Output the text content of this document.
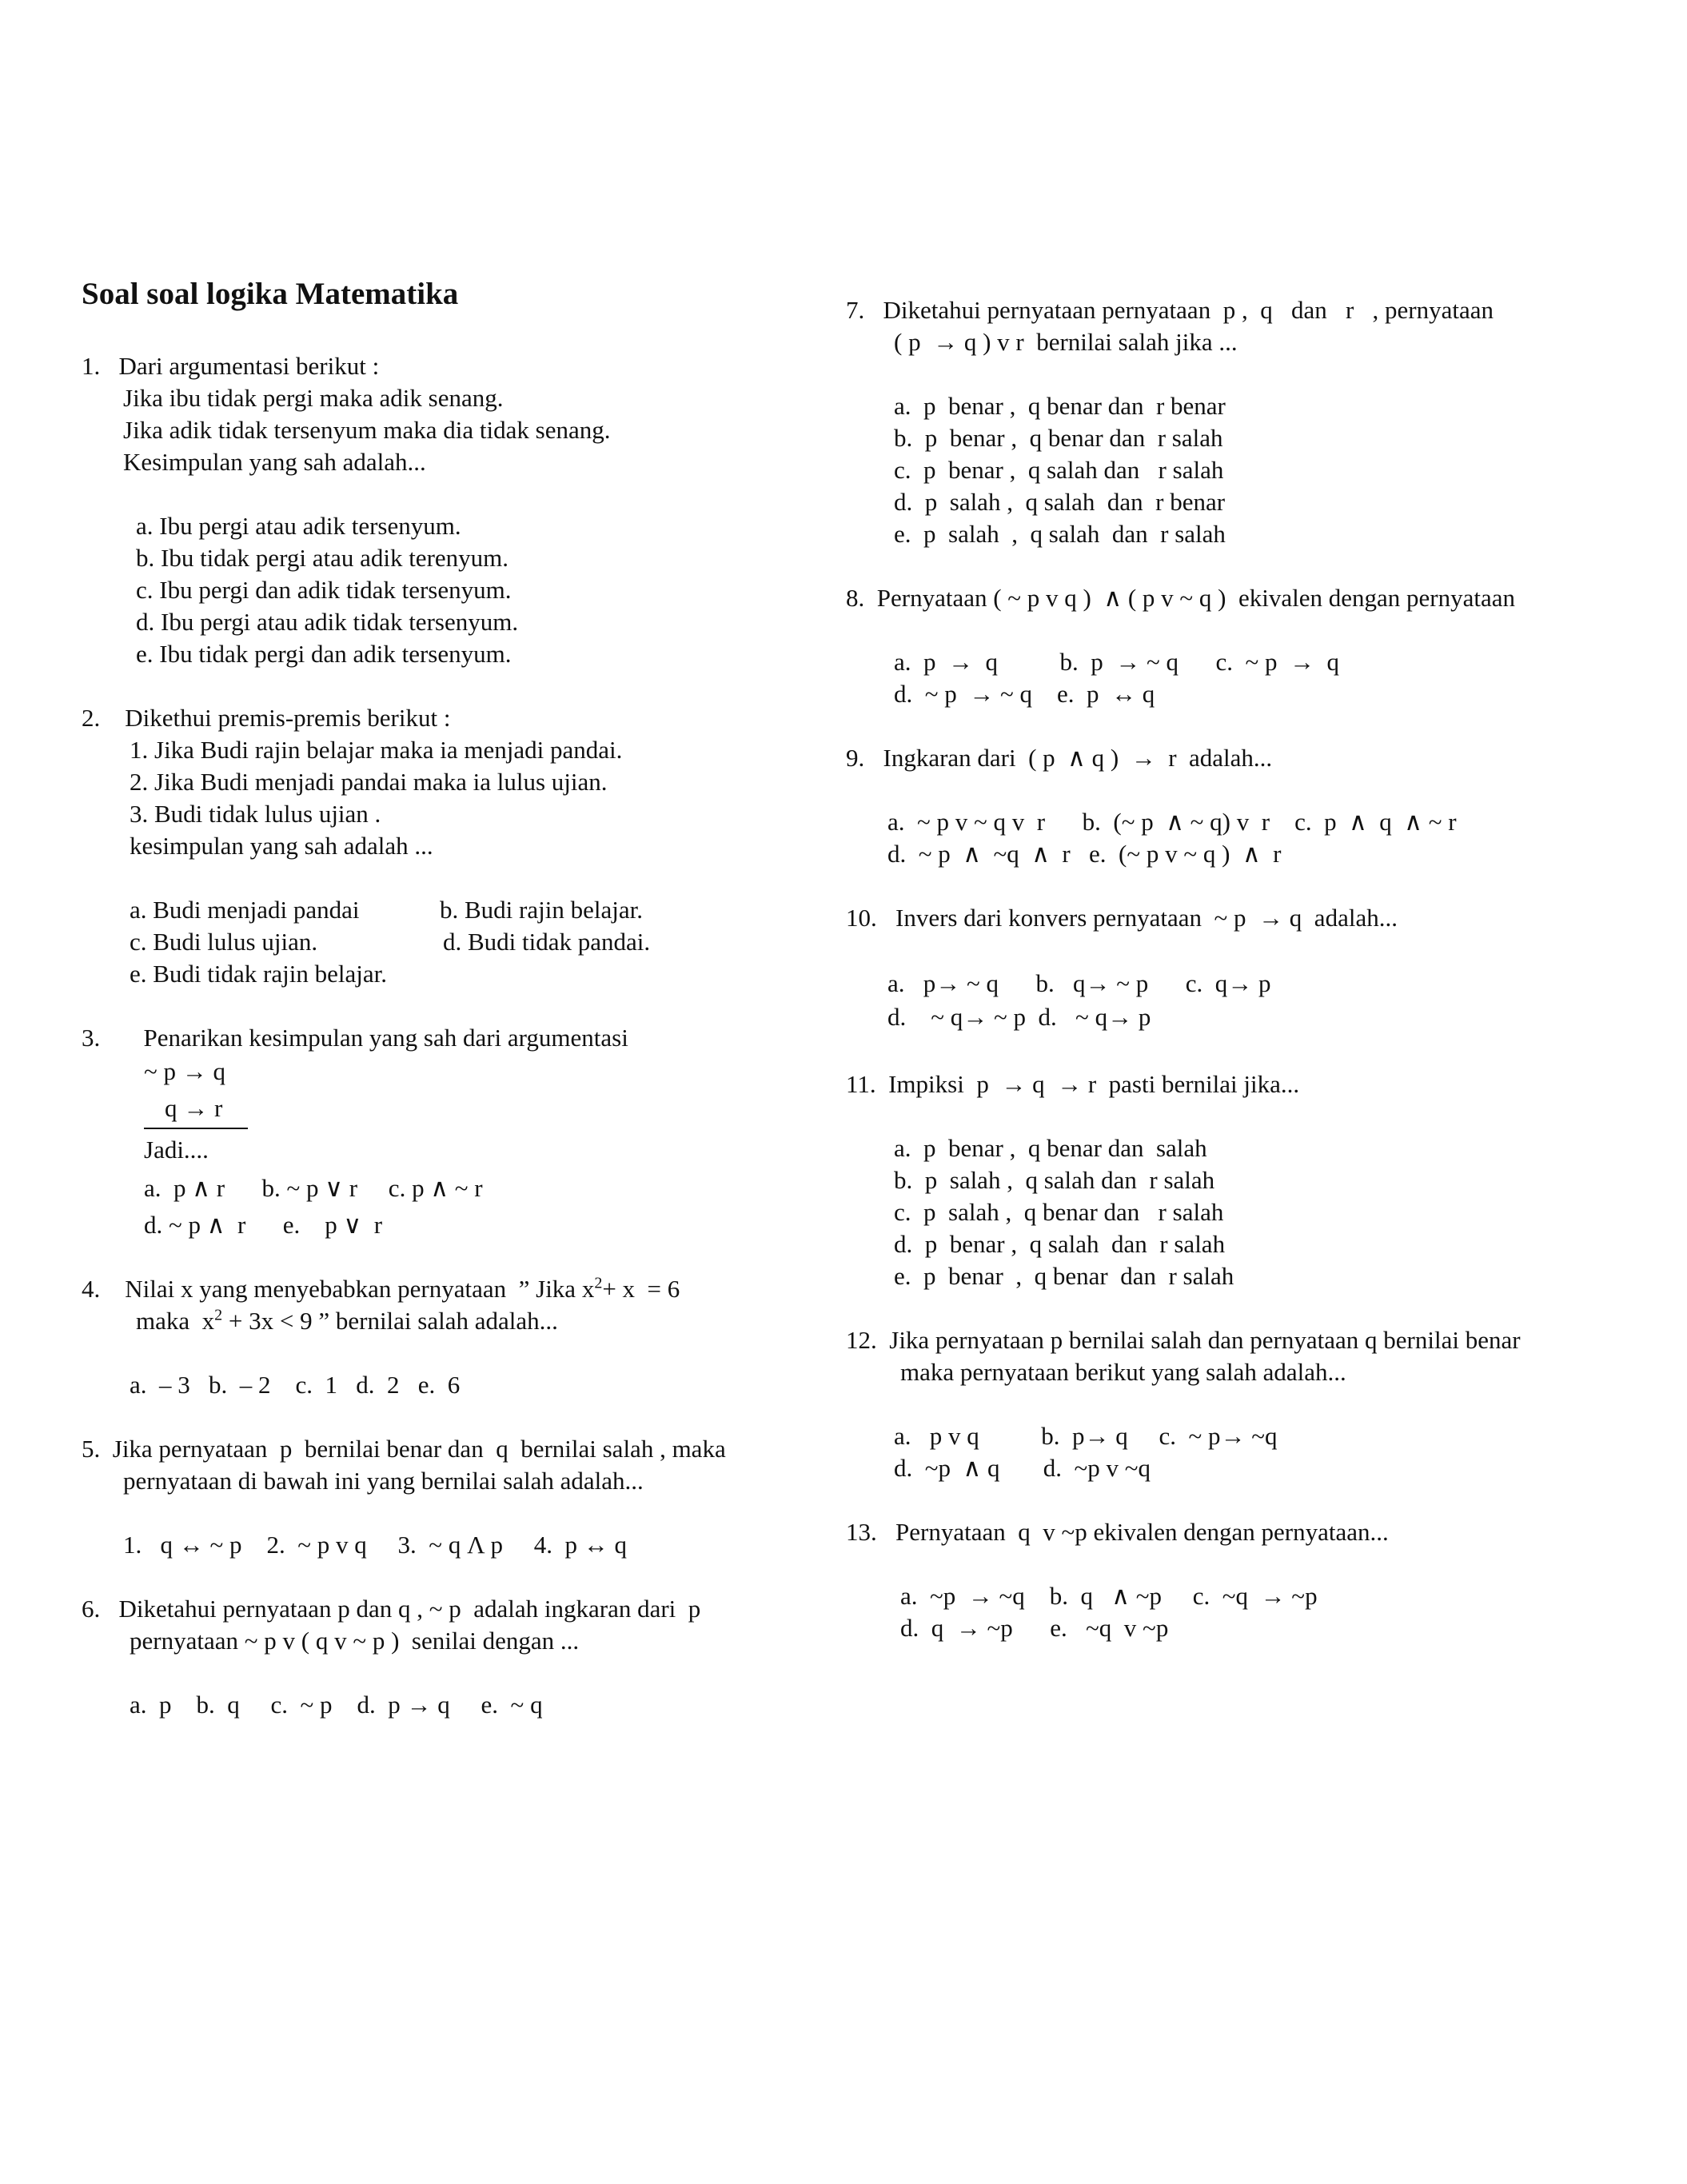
Soal soal logika Matematika
1.   Dari argumentasi berikut :
Jika ibu tidak pergi maka adik senang.
Jika adik tidak tersenyum maka dia tidak senang.
Kesimpulan yang sah adalah...
a. Ibu pergi atau adik tersenyum.
b. Ibu tidak pergi atau adik terenyum.
c. Ibu pergi dan adik tidak tersenyum.
d. Ibu pergi atau adik tidak tersenyum.
e. Ibu tidak pergi dan adik tersenyum.
2.    Dikethui premis-premis berikut :
1. Jika Budi rajin belajar maka ia menjadi pandai.
2. Jika Budi menjadi pandai maka ia lulus ujian.
3. Budi tidak lulus ujian .
kesimpulan yang sah adalah ...
a. Budi menjadi pandai	b. Budi rajin belajar.
c. Budi lulus ujian.	d. Budi tidak pandai.
e. Budi tidak rajin belajar.
3.       Penarikan kesimpulan yang sah dari argumentasi
~ p → q
q → r
Jadi....
a.  p ∧ r      b. ~ p ∨ r     c. p ∧ ~ r
d. ~ p ∧  r      e.    p ∨  r
4.    Nilai x yang menyebabkan pernyataan  ” Jika $x^2+ x = 6$
maka  $x^2 + 3x < 9$ ” bernilai salah adalah...
a.  – 3   b.  – 2    c.  1   d.  2   e.  6
5.  Jika pernyataan  p  bernilai benar dan  q  bernilai salah , maka
pernyataan di bawah ini yang bernilai salah adalah...
1.   q ↔ ~ p    2.  ~ p v q     3.  ~ q Λ p     4.  p ↔ q
6.   Diketahui pernyataan p dan q , ~ p  adalah ingkaran dari  p
pernyataan ~ p v ( q v ~ p )  senilai dengan ...
a.  p    b.  q     c.  ~ p    d.  p → q     e.  ~ q
7.   Diketahui pernyataan pernyataan  p ,  q   dan   r   , pernyataan
( p  → q ) v r  bernilai salah jika ...
a.  p  benar ,  q benar dan  r benar
b.  p  benar ,  q benar dan  r salah
c.  p  benar ,  q salah dan   r salah
d.  p  salah ,  q salah  dan  r benar
e.  p  salah  ,  q salah  dan  r salah
8.  Pernyataan ( ~ p v q )  ∧ ( p v ~ q )  ekivalen dengan pernyataan
a.  p  →  q          b.  p  → ~ q      c.  ~ p  →  q
d.  ~ p  → ~ q    e.  p  ↔ q
9.   Ingkaran dari  ( p  ∧ q )  →  r  adalah...
a.  ~ p v ~ q v  r      b.  (~ p  ∧ ~ q) v  r    c.  p  ∧  q  ∧ ~ r
d.  ~ p  ∧  ~q  ∧  r   e.  (~ p v ~ q )  ∧  r
10.   Invers dari konvers pernyataan  ~ p  → q  adalah...
a.   p→ ~ q      b.   q→ ~ p      c.  q→ p
d.    ~ q→ ~ p  d.   ~ q→ p
11.  Impiksi  p  → q  → r  pasti bernilai jika...
a.  p  benar ,  q benar dan  salah
b.  p  salah ,  q salah dan  r salah
c.  p  salah ,  q benar dan   r salah
d.  p  benar ,  q salah  dan  r salah
e.  p  benar  ,  q benar  dan  r salah
12.  Jika pernyataan p bernilai salah dan pernyataan q bernilai benar
maka pernyataan berikut yang salah adalah...
a.   p v q          b.  p→ q     c.  ~ p→ ~q
d.  ~p  ∧ q       d.  ~p v ~q
13.   Pernyataan  q  v ~p ekivalen dengan pernyataan...
a.  ~p  → ~q    b.  q   ∧ ~p     c.  ~q  → ~p
d.  q  → ~p      e.   ~q  v ~p
